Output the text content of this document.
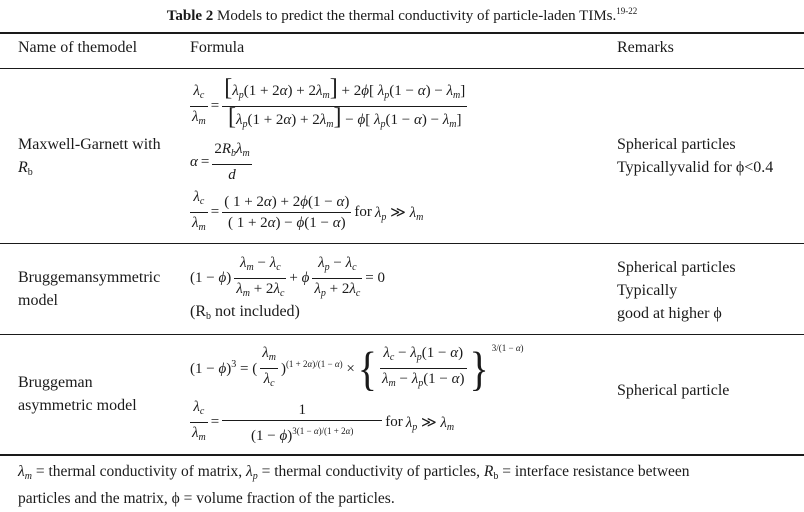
Table 2 Models to predict the thermal conductivity of particle-laden TIMs.$^{19-22}$
Name of themodel	Formula	Remarks
Maxwell-Garnett with
$R_b$
$\frac{\lambda_c}{\lambda_m} = \frac{[\lambda_p(1 + 2\alpha) + 2\lambda_m] + 2\phi[ \lambda_p(1 - \alpha) - \lambda_m]}{[\lambda_p(1 + 2\alpha) + 2\lambda_m] - \phi[ \lambda_p(1 - \alpha) - \lambda_m]}$
$\alpha = \frac{2R_b\lambda_m}{d}$
$\frac{\lambda_c}{\lambda_m} = \frac{( 1 + 2\alpha) + 2\phi(1 - \alpha)}{( 1 + 2\alpha) - \phi(1 - \alpha)}$ for $\lambda_p$ ≫ $\lambda_m$
Spherical particles
Typicallyvalid for ϕ<0.4
Bruggemansymmetric
model
$(1 - \phi) \frac{\lambda_m - \lambda_c}{\lambda_m + 2\lambda_c} + \phi \frac{\lambda_p - \lambda_c}{\lambda_p + 2\lambda_c} = 0$
($R_b$ not included)
Spherical particles
Typically
good at higher ϕ
Bruggeman
asymmetric model
$(1 - \phi)^3$ = ( $\frac{\lambda_m}{\lambda_c} )^{(1 + 2\alpha)/(1 - \alpha)}$ × { $\frac{\lambda_c - \lambda_p(1 - \alpha)}{\lambda_m - \lambda_p(1 - \alpha)}$ } $^{3/(1 - \alpha)}$
$\frac{\lambda_c}{\lambda_m} = \frac{1}{(1 - \phi)^{3(1 - \alpha)/(1 + 2\alpha)}}$ for $\lambda_p$ ≫ $\lambda_m$
Spherical particle
$\lambda_m$ = thermal conductivity of matrix, $\lambda_p$ = thermal conductivity of particles, $R_b$ = interface resistance between
particles and the matrix, ϕ = volume fraction of the particles.
